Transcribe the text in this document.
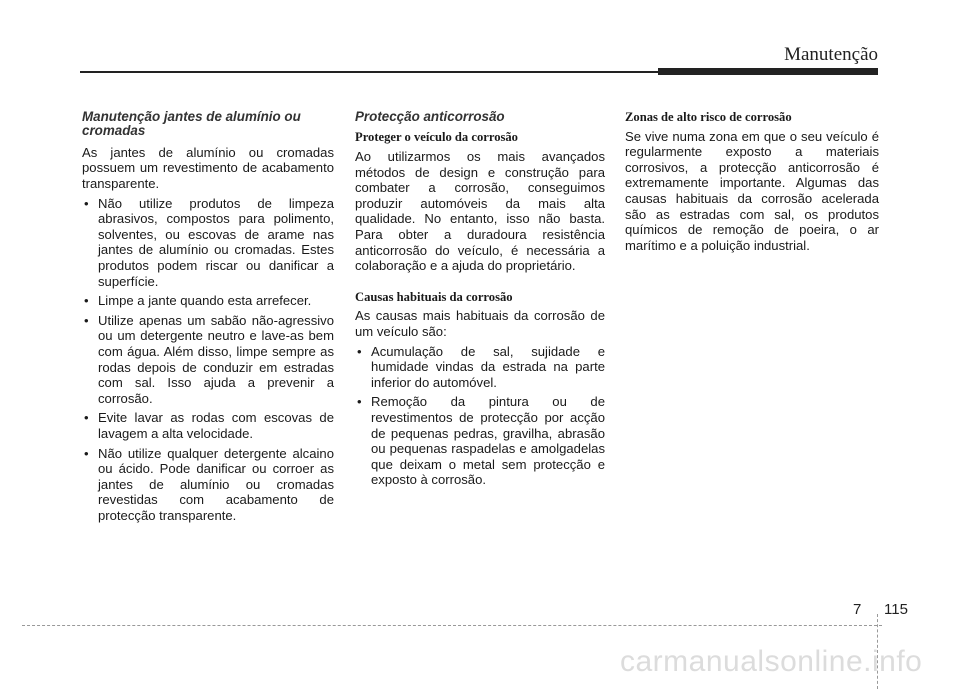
Manutenção
Manutenção jantes de alumínio ou cromadas

As jantes de alumínio ou cromadas possuem um revestimento de acabamento transparente.

• Não utilize produtos de limpeza abrasivos, compostos para polimento, solventes, ou escovas de arame nas jantes de alumínio ou cromadas. Estes produtos podem riscar ou danificar a superfície.
• Limpe a jante quando esta arrefecer.
• Utilize apenas um sabão não-agressivo ou um detergente neutro e lave-as bem com água. Além disso, limpe sempre as rodas depois de conduzir em estradas com sal. Isso ajuda a prevenir a corrosão.
• Evite lavar as rodas com escovas de lavagem a alta velocidade.
• Não utilize qualquer detergente alcaino ou ácido. Pode danificar ou corroer as jantes de alumínio ou cromadas revestidas com acabamento de protecção transparente.
Protecção anticorrosão
Proteger o veículo da corrosão

Ao utilizarmos os mais avançados métodos de design e construção para combater a corrosão, conseguimos produzir automóveis da mais alta qualidade. No entanto, isso não basta. Para obter a duradoura resistência anticorrosão do veículo, é necessária a colaboração e a ajuda do proprietário.

Causas habituais da corrosão

As causas mais habituais da corrosão de um veículo são:

• Acumulação de sal, sujidade e humidade vindas da estrada na parte inferior do automóvel.
• Remoção da pintura ou de revestimentos de protecção por acção de pequenas pedras, gravilha, abrasão ou pequenas raspadelas e amolgadelas que deixam o metal sem protecção e exposto à corrosão.
Zonas de alto risco de corrosão

Se vive numa zona em que o seu veículo é regularmente exposto a materiais corrosivos, a protecção anticorrosão é extremamente importante. Algumas das causas habituais da corrosão acelerada são as estradas com sal, os produtos químicos de remoção de poeira, o ar marítimo e a poluição industrial.

7 115
carmanualsonline.info
